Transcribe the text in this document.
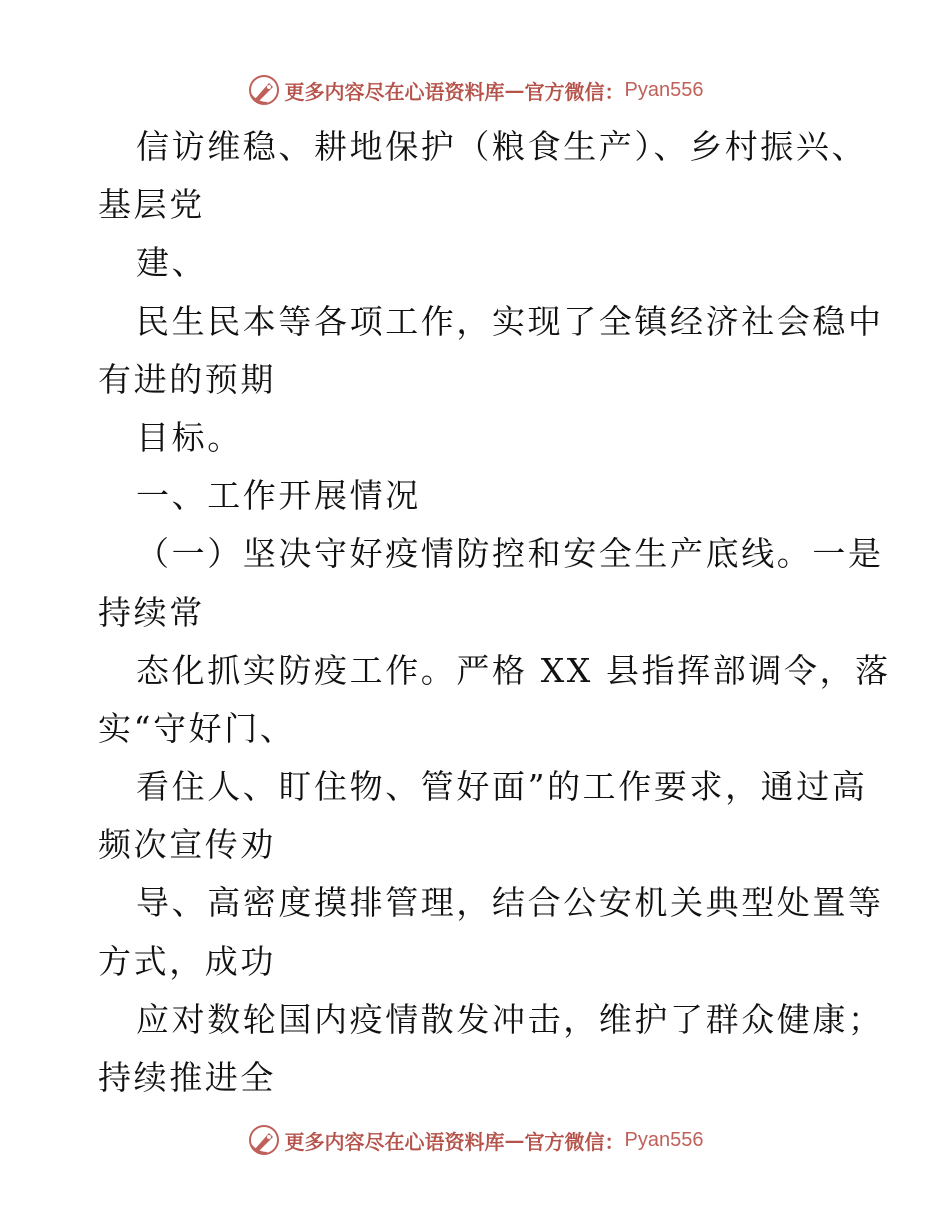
更多内容尽在心语资料库 — 官方微信： Pyan556
信访维稳、耕地保护（粮食生产）、乡村振兴、
基层党
建、
民生民本等各项工作，实现了全镇经济社会稳中
有进的预期
目标。
一、工作开展情况
（一）坚决守好疫情防控和安全生产底线。一是
持续常
态化抓实防疫工作。严格 XX 县指挥部调令，落
实“守好门、
看住人、盯住物、管好面”的工作要求，通过高
频次宣传劝
导、高密度摸排管理，结合公安机关典型处置等
方式，成功
应对数轮国内疫情散发冲击，维护了群众健康；
持续推进全
更多内容尽在心语资料库 — 官方微信： Pyan556
